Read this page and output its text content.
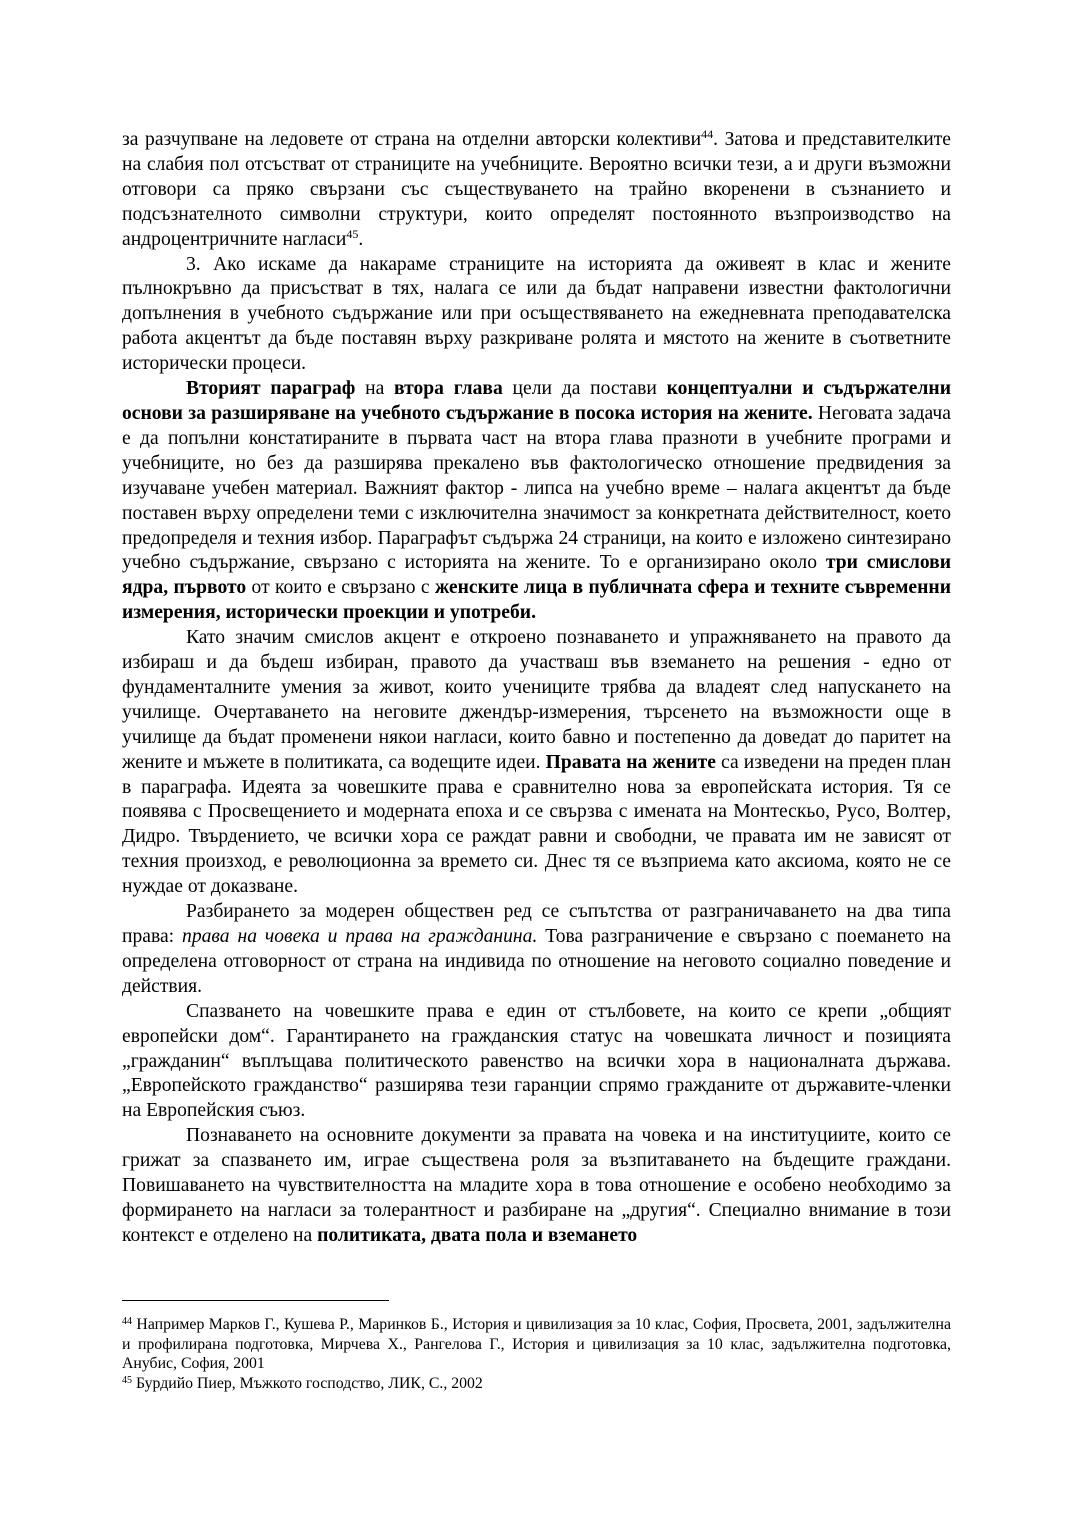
за разчупване на ледовете от страна на отделни авторски колективи$^{44}$. Затова и представителките на слабия пол отсъстват от страниците на учебниците. Вероятно всички тези, а и други възможни отговори са пряко свързани със съществуването на трайно вкоренени в съзнанието и подсъзнателното символни структури, които определят постоянното възпроизводство на андроцентричните нагласи$^{45}$.

3. Ако искаме да накараме страниците на историята да оживеят в клас и жените пълнокръвно да присъстват в тях, налага се или да бъдат направени известни фактологични допълнения в учебното съдържание или при осъществяването на ежедневната преподавателска работа акцентът да бъде поставян върху разкриване ролята и мястото на жените в съответните исторически процеси.

Вторият параграф на втора глава цели да постави концептуални и съдържателни основи за разширяване на учебното съдържание в посока история на жените. Неговата задача е да попълни констатираните в първата част на втора глава празноти в учебните програми и учебниците, но без да разширява прекалено във фактологическо отношение предвидения за изучаване учебен материал. Важният фактор - липса на учебно време – налага акцентът да бъде поставен върху определени теми с изключителна значимост за конкретната действителност, което предопределя и техния избор. Параграфът съдържа 24 страници, на които е изложено синтезирано учебно съдържание, свързано с историята на жените. То е организирано около три смислови ядра, първото от които е свързано с женските лица в публичната сфера и техните съвременни измерения, исторически проекции и употреби.

Като значим смислов акцент е откроено познаването и упражняването на правото да избираш и да бъдеш избиран, правото да участваш във вземането на решения - едно от фундаменталните умения за живот, които учениците трябва да владеят след напускането на училище. Очертаването на неговите джендър-измерения, търсенето на възможности още в училище да бъдат променени някои нагласи, които бавно и постепенно да доведат до паритет на жените и мъжете в политиката, са водещите идеи. Правата на жените са изведени на преден план в параграфа. Идеята за човешките права е сравнително нова за европейската история. Тя се появява с Просвещението и модерната епоха и се свързва с имената на Монтескьо, Русо, Волтер, Дидро. Твърдението, че всички хора се раждат равни и свободни, че правата им не зависят от техния произход, е революционна за времето си. Днес тя се възприема като аксиома, която не се нуждае от доказване.

Разбирането за модерен обществен ред се съпътства от разграничаването на два типа права: права на човека и права на гражданина. Това разграничение е свързано с поемането на определена отговорност от страна на индивида по отношение на неговото социално поведение и действия.

Спазването на човешките права е един от стълбовете, на които се крепи „общият европейски дом“. Гарантирането на гражданския статус на човешката личност и позицията „гражданин“ въплъщава политическото равенство на всички хора в националната държава. „Европейското гражданство“ разширява тези гаранции спрямо гражданите от държавите-членки на Европейския съюз.

Познаването на основните документи за правата на човека и на институциите, които се грижат за спазването им, играе съществена роля за възпитаването на бъдещите граждани. Повишаването на чувствителността на младите хора в това отношение е особено необходимо за формирането на нагласи за толерантност и разбиране на „другия“. Специално внимание в този контекст е отделено на политиката, двата пола и вземането

$^{44}$ Например Марков Г., Кушева Р., Маринков Б., История и цивилизация за 10 клас, София, Просвета, 2001, задължителна и профилирана подготовка, Мирчева Х., Рангелова Г., История и цивилизация за 10 клас, задължителна подготовка, Анубис, София, 2001

$^{45}$ Бурдийо Пиер, Мъжкото господство, ЛИК, С., 2002
